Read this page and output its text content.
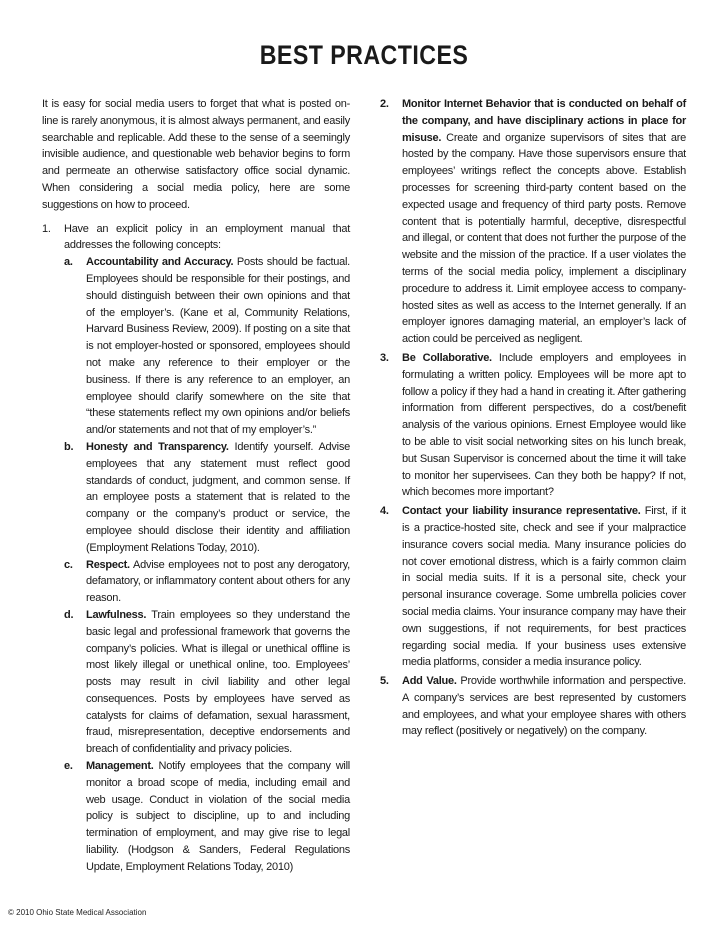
BEST PRACTICES

It is easy for social media users to forget that what is posted on-line is rarely anonymous, it is almost always permanent, and easily searchable and replicable. Add these to the sense of a seemingly invisible audience, and questionable web behavior begins to form and permeate an otherwise satisfactory office social dynamic. When considering a social media policy, here are some suggestions on how to proceed.

1.	Have an explicit policy in an employment manual that addresses the following concepts:
a.	Accountability and Accuracy. Posts should be factual. Employees should be responsible for their postings, and should distinguish between their own opinions and that of the employer’s. (Kane et al, Community Relations, Harvard Business Review, 2009). If posting on a site that is not employer-hosted or sponsored, employees should not make any reference to their employer or the business. If there is any reference to an employer, an employee should clarify somewhere on the site that “these statements reflect my own opinions and/or beliefs and/or statements and not that of my employer’s.”
b.	Honesty and Transparency. Identify yourself. Advise employees that any statement must reflect good standards of conduct, judgment, and common sense. If an employee posts a statement that is related to the company or the company’s product or service, the employee should disclose their identity and affiliation (Employment Relations Today, 2010).
c.	Respect. Advise employees not to post any derogatory, defamatory, or inflammatory content about others for any reason.
d.	Lawfulness. Train employees so they understand the basic legal and professional framework that governs the company’s policies. What is illegal or unethical offline is most likely illegal or unethical online, too. Employees’ posts may result in civil liability and other legal consequences. Posts by employees have served as catalysts for claims of defamation, sexual harassment, fraud, misrepresentation, deceptive endorsements and breach of confidentiality and privacy policies.
e.	Management. Notify employees that the company will monitor a broad scope of media, including email and web usage. Conduct in violation of the social media policy is subject to discipline, up to and including termination of employment, and may give rise to legal liability. (Hodgson & Sanders, Federal Regulations Update, Employment Relations Today, 2010)
2.	Monitor Internet Behavior that is conducted on behalf of the company, and have disciplinary actions in place for misuse. Create and organize supervisors of sites that are hosted by the company. Have those supervisors ensure that employees’ writings reflect the concepts above. Establish processes for screening third-party content based on the expected usage and frequency of third party posts. Remove content that is potentially harmful, deceptive, disrespectful and illegal, or content that does not further the purpose of the website and the mission of the practice. If a user violates the terms of the social media policy, implement a disciplinary procedure to address it. Limit employee access to company-hosted sites as well as access to the Internet generally. If an employer ignores damaging material, an employer’s lack of action could be perceived as negligent.
3.	Be Collaborative. Include employers and employees in formulating a written policy. Employees will be more apt to follow a policy if they had a hand in creating it. After gathering information from different perspectives, do a cost/benefit analysis of the various opinions. Ernest Employee would like to be able to visit social networking sites on his lunch break, but Susan Supervisor is concerned about the time it will take to monitor her supervisees. Can they both be happy? If not, which becomes more important?
4.	Contact your liability insurance representative. First, if it is a practice-hosted site, check and see if your malpractice insurance covers social media. Many insurance policies do not cover emotional distress, which is a fairly common claim in social media suits. If it is a personal site, check your personal insurance coverage. Some umbrella policies cover social media claims. Your insurance company may have their own suggestions, if not requirements, for best practices regarding social media. If your business uses extensive media platforms, consider a media insurance policy.
5.	Add Value. Provide worthwhile information and perspective. A company’s services are best represented by customers and employees, and what your employee shares with others may reflect (positively or negatively) on the company.
© 2010 Ohio State Medical Association
